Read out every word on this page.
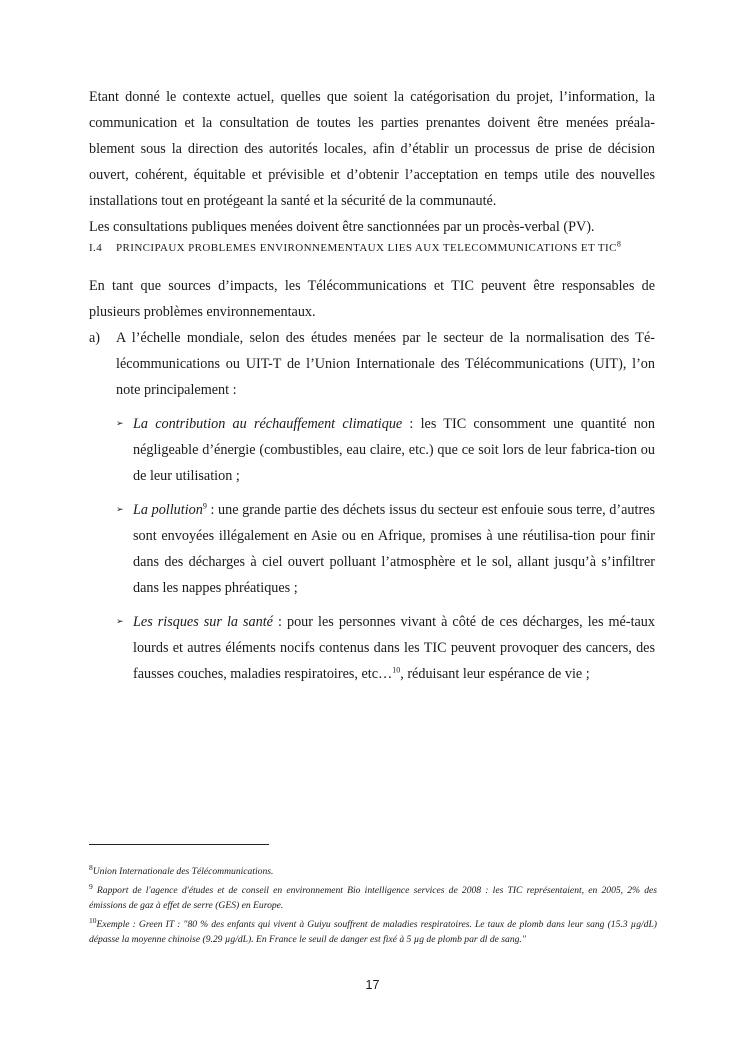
Etant donné le contexte actuel, quelles que soient la catégorisation du projet, l’information, la communication et la consultation de toutes les parties prenantes doivent être menées préala-blement sous la direction des autorités locales, afin d’établir un processus de prise de décision ouvert, cohérent, équitable et prévisible et d’obtenir l’acceptation en temps utile des nouvelles installations tout en protégeant la santé et la sécurité de la communauté.

Les consultations publiques menées doivent être sanctionnées par un procès-verbal (PV).

I.4	PRINCIPAUX PROBLEMES ENVIRONNEMENTAUX LIES AUX TELECOMMUNICATIONS ET TIC$^8$

En tant que sources d’impacts, les Télécommunications et TIC peuvent être responsables de plusieurs problèmes environnementaux.

a)	A l’échelle mondiale, selon des études menées par le secteur de la normalisation des Té-lécommunications ou UIT-T de l’Union Internationale des Télécommunications (UIT), l’on note principalement :

➢ La contribution au réchauffement climatique : les TIC consomment une quantité non négligeable d’énergie (combustibles, eau claire, etc.) que ce soit lors de leur fabrica-tion ou de leur utilisation ;

➢ La pollution$^9$ : une grande partie des déchets issus du secteur est enfouie sous terre, d’autres sont envoyées illégalement en Asie ou en Afrique, promises à une réutilisa-tion pour finir dans des décharges à ciel ouvert polluant l’atmosphère et le sol, allant jusqu’à s’infiltrer dans les nappes phréatiques ;

➢ Les risques sur la santé : pour les personnes vivant à côté de ces décharges, les mé-taux lourds et autres éléments nocifs contenus dans les TIC peuvent provoquer des cancers, des fausses couches, maladies respiratoires, etc…$^{10}$, réduisant leur espérance de vie ;

$^8$Union Internationale des Télécommunications.

$^9$ Rapport de l'agence d'études et de conseil en environnement Bio intelligence services de 2008 : les TIC représentaient, en 2005, 2% des émissions de gaz à effet de serre (GES) en Europe.

$^{10}$Exemple : Green IT : "80 % des enfants qui vivent à Guiyu souffrent de maladies respiratoires. Le taux de plomb dans leur sang (15.3 µg/dL) dépasse la moyenne chinoise (9.29 µg/dL). En France le seuil de danger est fixé à 5 µg de plomb par dl de sang."

17
